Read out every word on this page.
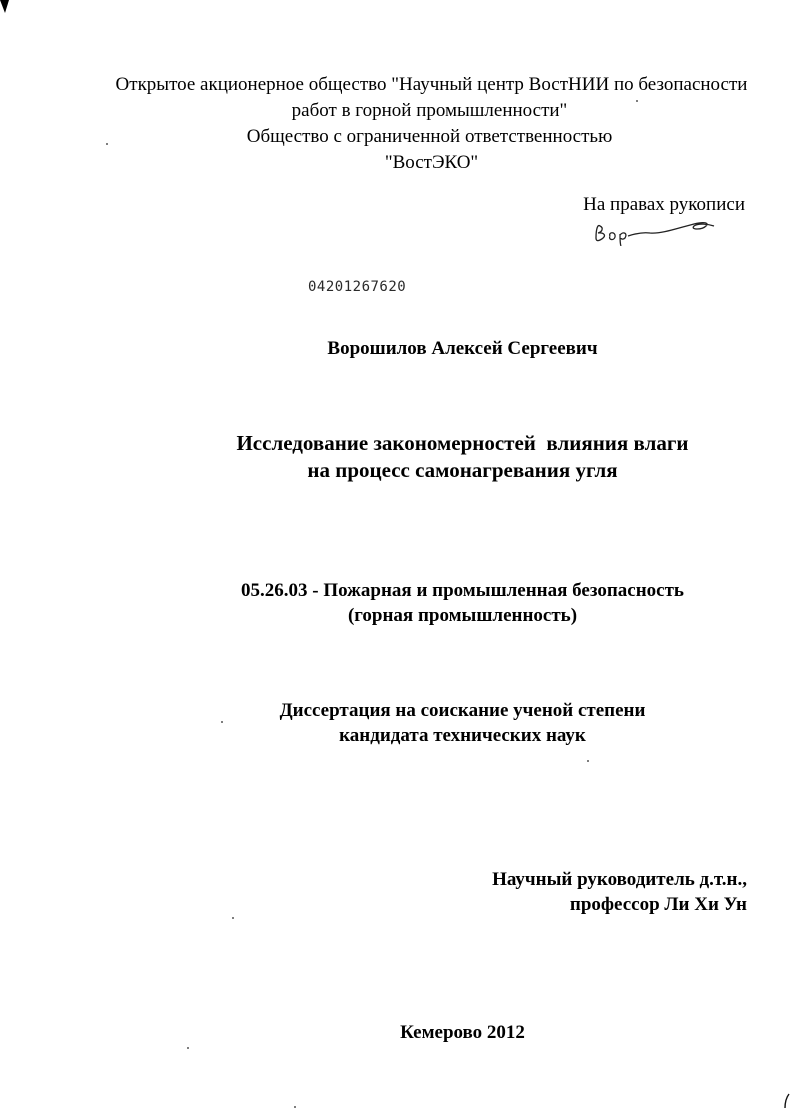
Открытое акционерное общество "Научный центр ВостНИИ по безопасности
работ в горной промышленности"
Общество с ограниченной ответственностью
"ВостЭКО"
На правах рукописи
04201267620
Ворошилов Алексей Сергеевич
Исследование закономерностей  влияния влаги
на процесс самонагревания угля
05.26.03 - Пожарная и промышленная безопасность
(горная промышленность)
Диссертация на соискание ученой степени
кандидата технических наук
Научный руководитель д.т.н.,
профессор Ли Хи Ун
Кемерово 2012
